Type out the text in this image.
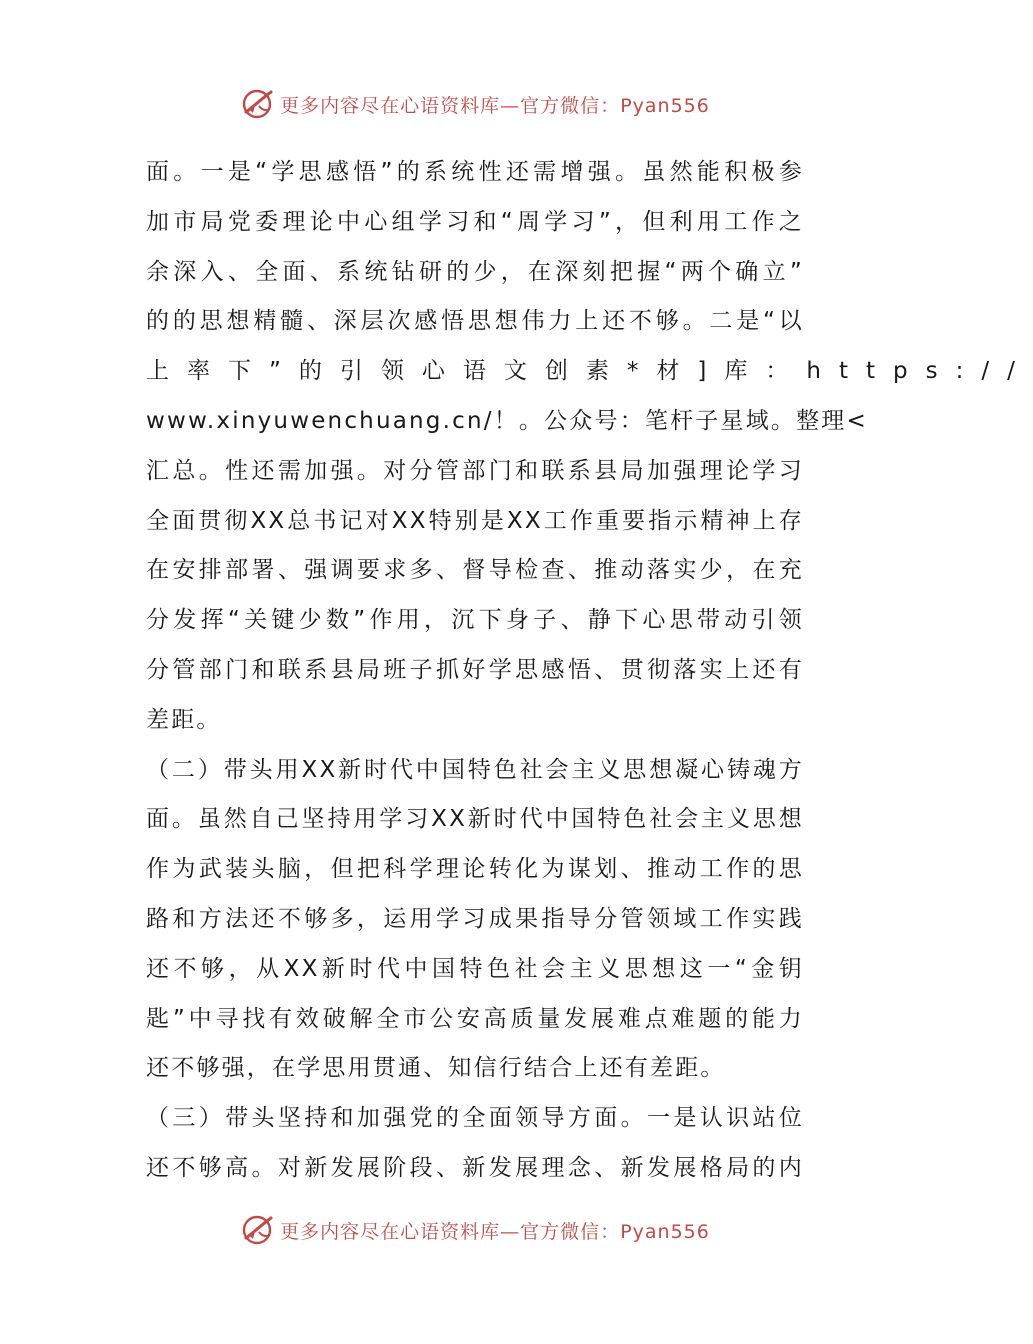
更多内容尽在心语资料库—官方微信：Pyan556
面。一是“学思感悟”的系统性还需增强。虽然能积极参
加市局党委理论中心组学习和“周学习”，但利用工作之
余深入、全面、系统钻研的少，在深刻把握“两个确立”
的的思想精髓、深层次感悟思想伟力上还不够。二是“以
上率下”的引领心语文创素*材]库：https://
www.xinyuwenchuang.cn/！。公众号：笔杆子星域。整理<
汇总。性还需加强。对分管部门和联系县局加强理论学习
全面贯彻XX总书记对XX特别是XX工作重要指示精神上存
在安排部署、强调要求多、督导检查、推动落实少，在充
分发挥“关键少数”作用，沉下身子、静下心思带动引领
分管部门和联系县局班子抓好学思感悟、贯彻落实上还有
差距。
（二）带头用XX新时代中国特色社会主义思想凝心铸魂方
面。虽然自己坚持用学习XX新时代中国特色社会主义思想
作为武装头脑，但把科学理论转化为谋划、推动工作的思
路和方法还不够多，运用学习成果指导分管领域工作实践
还不够，从XX新时代中国特色社会主义思想这一“金钥
匙”中寻找有效破解全市公安高质量发展难点难题的能力
还不够强，在学思用贯通、知信行结合上还有差距。
（三）带头坚持和加强党的全面领导方面。一是认识站位
还不够高。对新发展阶段、新发展理念、新发展格局的内
更多内容尽在心语资料库—官方微信：Pyan556
